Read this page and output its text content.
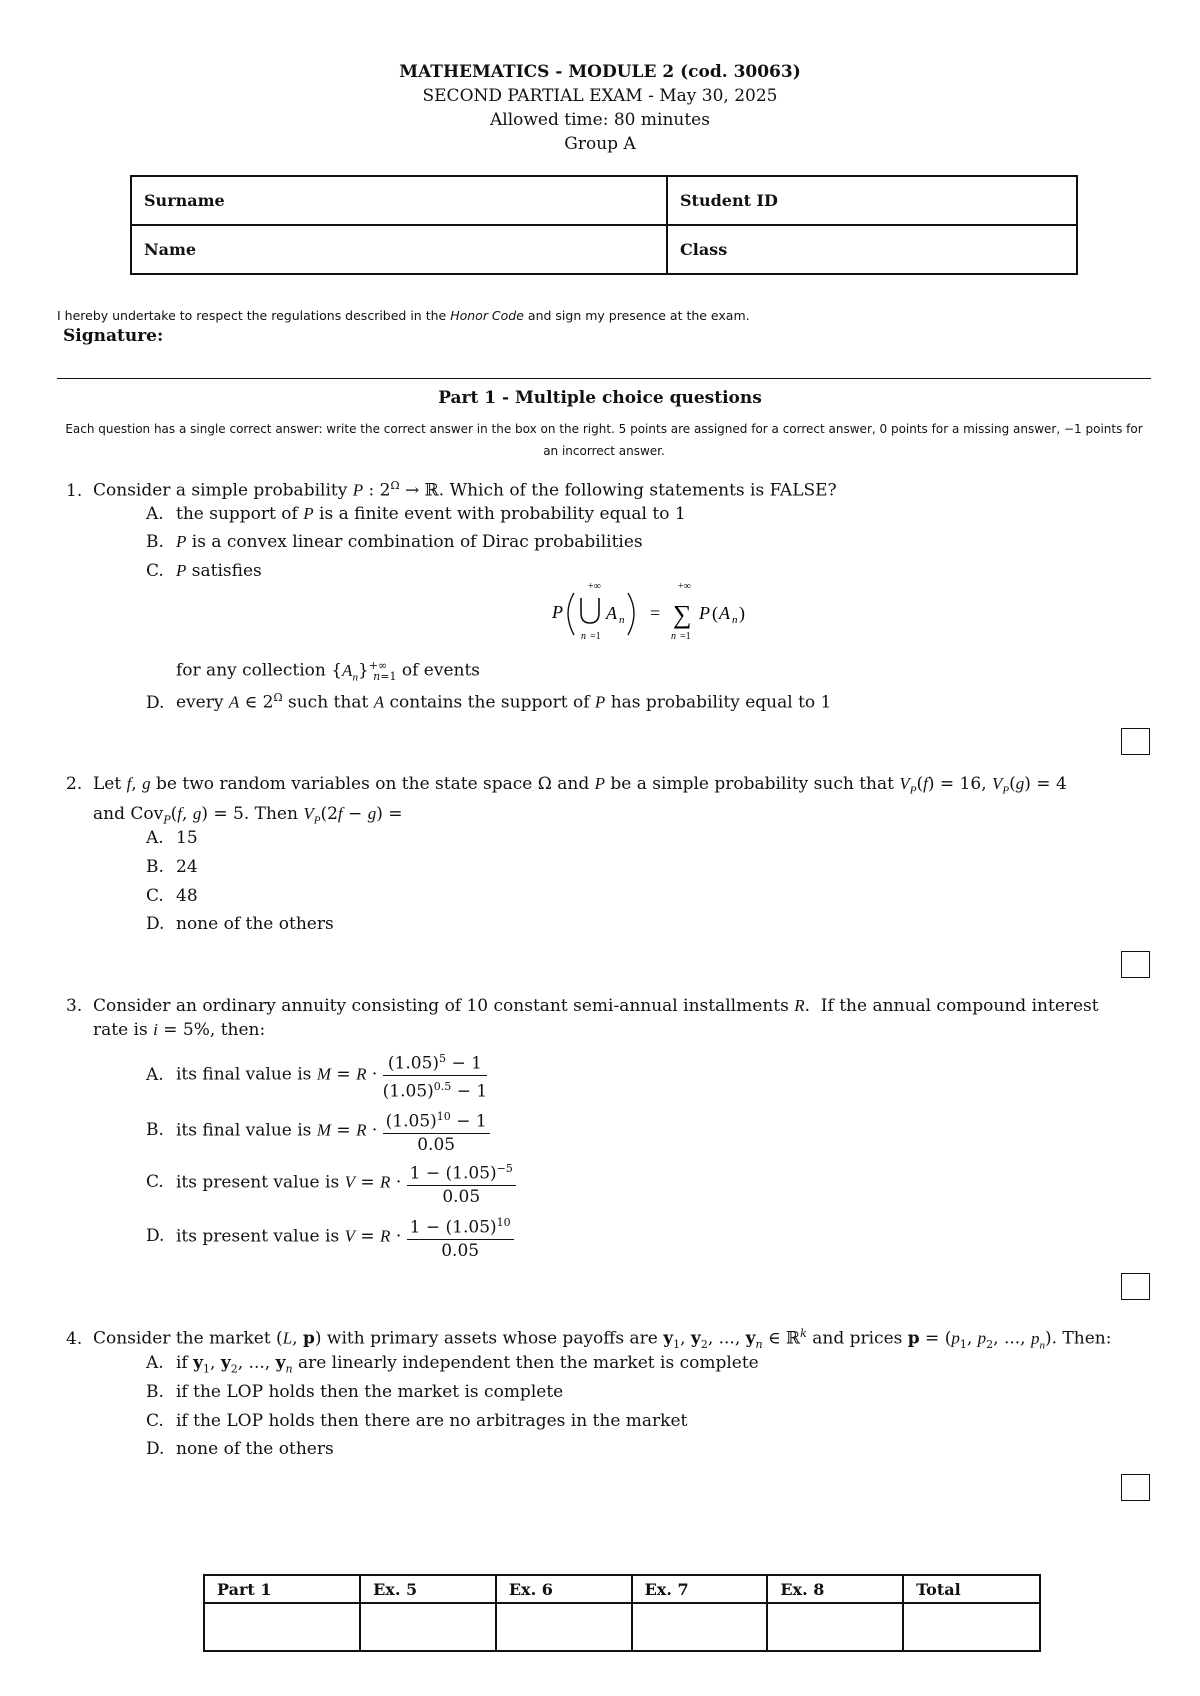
MATHEMATICS - MODULE 2 (cod. 30063)
SECOND PARTIAL EXAM - May 30, 2025
Allowed time: 80 minutes
Group A
Surname	Student ID
Name	Class
I hereby undertake to respect the regulations described in the Honor Code and sign my presence at the exam.
Signature:
Part 1 - Multiple choice questions
Each question has a single correct answer: write the correct answer in the box on the right. 5 points are assigned for a correct answer, 0 points for a missing answer, −1 points for an incorrect answer.
1. Consider a simple probability P : $2^\Omega$ → ℝ. Which of the following statements is FALSE?
A. the support of P is a finite event with probability equal to 1
B. P is a convex linear combination of Dirac probabilities
C. P satisfies
P
+∞
n =1
A n =
+∞
∑
n =1
P ( A n )
for any collection $\{A_n\}^{+\infty}_{n=1}$ of events
D. every A ∈ $2^\Omega$ such that A contains the support of P has probability equal to 1
2. Let f, g be two random variables on the state space Ω and P be a simple probability such that $V_P(f) = 16$, $V_P(g) = 4$
and Cov$_P$(f, g) = 5. Then $V_P(2f - g)$ =
A. 15
B. 24
C. 48
D. none of the others
3. Consider an ordinary annuity consisting of 10 constant semi-annual installments R.  If the annual compound interest
rate is i = 5%, then:
A. its final value is $M = R \cdot \frac{(1.05)^5 - 1}{(1.05)^{0.5} - 1}$
B. its final value is $M = R \cdot \frac{(1.05)^{10} - 1}{0.05}$
C. its present value is $V = R \cdot \frac{1 - (1.05)^{-5}}{0.05}$
D. its present value is $V = R \cdot \frac{1 - (1.05)^{10}}{0.05}$
4. Consider the market (L, p) with primary assets whose payoffs are $y_1$, $y_2$, ..., $y_n$ ∈ ℝ$^k$ and prices $p = (p_1$, $p_2$, ..., $p_n$). Then:
A. if $y_1$, $y_2$, ..., $y_n$ are linearly independent then the market is complete
B. if the LOP holds then the market is complete
C. if the LOP holds then there are no arbitrages in the market
D. none of the others
Part 1	Ex. 5	Ex. 6	Ex. 7	Ex. 8	Total
